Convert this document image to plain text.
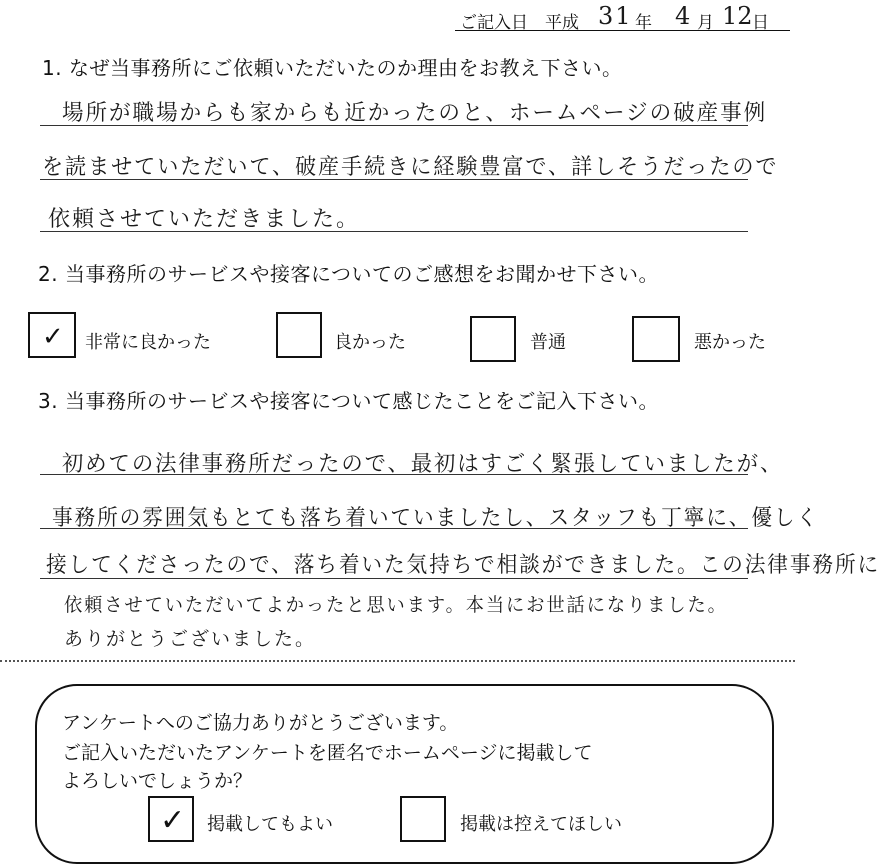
ご記入日 平成 31 年 4 月 12 日
1. なぜ当事務所にご依頼いただいたのか理由をお教え下さい。
場所が職場からも家からも近かったのと、ホームページの破産事例
を読ませていただいて、破産手続きに経験豊富で、詳しそうだったので
依頼させていただきました。
2. 当事務所のサービスや接客についてのご感想をお聞かせ下さい。
✓ 非常に良かった	良かった	普通	悪かった
3. 当事務所のサービスや接客について感じたことをご記入下さい。
初めての法律事務所だったので、最初はすごく緊張していましたが、
事務所の雰囲気もとても落ち着いていましたし、スタッフも丁寧に、優しく
接してくださったので、落ち着いた気持ちで相談ができました。この法律事務所に
依頼させていただいてよかったと思います。本当にお世話になりました。
ありがとうございました。
アンケートへのご協力ありがとうございます。
ご記入いただいたアンケートを匿名でホームページに掲載して
よろしいでしょうか？
✓ 掲載してもよい	掲載は控えてほしい
